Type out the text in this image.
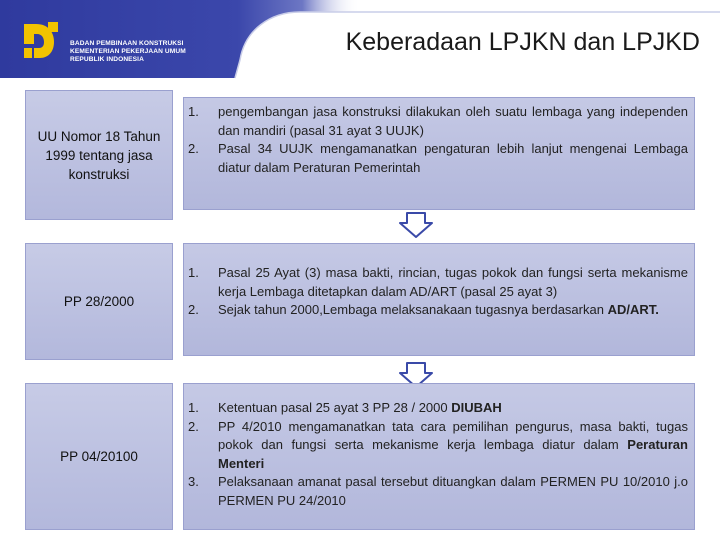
BADAN PEMBINAAN KONSTRUKSI
KEMENTERIAN PEKERJAAN UMUM
REPUBLIK INDONESIA
Keberadaan LPJKN dan LPJKD
UU Nomor 18 Tahun 1999 tentang jasa konstruksi
1.	pengembangan jasa konstruksi dilakukan oleh suatu lembaga yang independen dan mandiri (pasal 31 ayat 3 UUJK)
2.	Pasal 34 UUJK mengamanatkan pengaturan lebih lanjut mengenai Lembaga diatur dalam Peraturan Pemerintah
PP 28/2000
1.	Pasal 25 Ayat (3) masa bakti, rincian, tugas pokok dan fungsi serta mekanisme kerja Lembaga ditetapkan dalam AD/ART (pasal 25 ayat 3)
2.	Sejak tahun 2000,Lembaga melaksanakaan tugasnya berdasarkan AD/ART.
PP 04/20100
1.	Ketentuan pasal 25 ayat 3 PP 28 / 2000 DIUBAH
2.	PP 4/2010 mengamanatkan tata cara pemilihan pengurus, masa bakti, tugas pokok dan fungsi serta mekanisme kerja lembaga diatur dalam Peraturan Menteri
3.	Pelaksanaan amanat pasal tersebut dituangkan dalam PERMEN PU 10/2010 j.o PERMEN PU 24/2010
